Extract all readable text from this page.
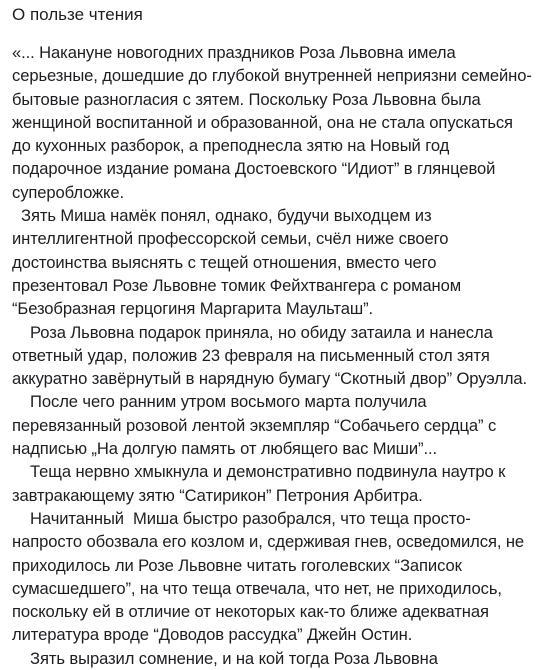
О пользе чтения

«... Накануне новогодних праздников Роза Львовна имела серьезные, дошедшие до глубокой внутренней неприязни семейно-бытовые разногласия с зятем. Поскольку Роза Львовна была женщиной воспитанной и образованной, она не стала опускаться до кухонных разборок, а преподнесла зятю на Новый год подарочное издание романа Достоевского “Идиот” в глянцевой суперобложке.

Зять Миша намёк понял, однако, будучи выходцем из интеллигентной профессорской семьи, счёл ниже своего достоинства выяснять с тещей отношения, вместо чего презентовал Розе Львовне томик Фейхтвангера с романом “Безобразная герцогиня Маргарита Маульташ”.

Роза Львовна подарок приняла, но обиду затаила и нанесла ответный удар, положив 23 февраля на письменный стол зятя аккуратно завёрнутый в нарядную бумагу “Скотный двор” Оруэлла.

После чего ранним утром восьмого марта получила перевязанный розовой лентой экземпляр “Собачьего сердца” с надписью „На долгую память от любящего вас Миши”...

Теща нервно хмыкнула и демонстративно подвинула наутро к завтракающему зятю “Сатирикон” Петрония Арбитра.

Начитанный  Миша быстро разобрался, что теща просто-напросто обозвала его козлом и, сдерживая гнев, осведомился, не приходилось ли Розе Львовне читать гоголевских “Записок сумасшедшего”, на что теща отвечала, что нет, не приходилось, поскольку ей в отличие от некоторых как-то ближе адекватная литература вроде “Доводов рассудка” Джейн Остин.

Зять выразил сомнение, и на кой тогда Роза Львовна
